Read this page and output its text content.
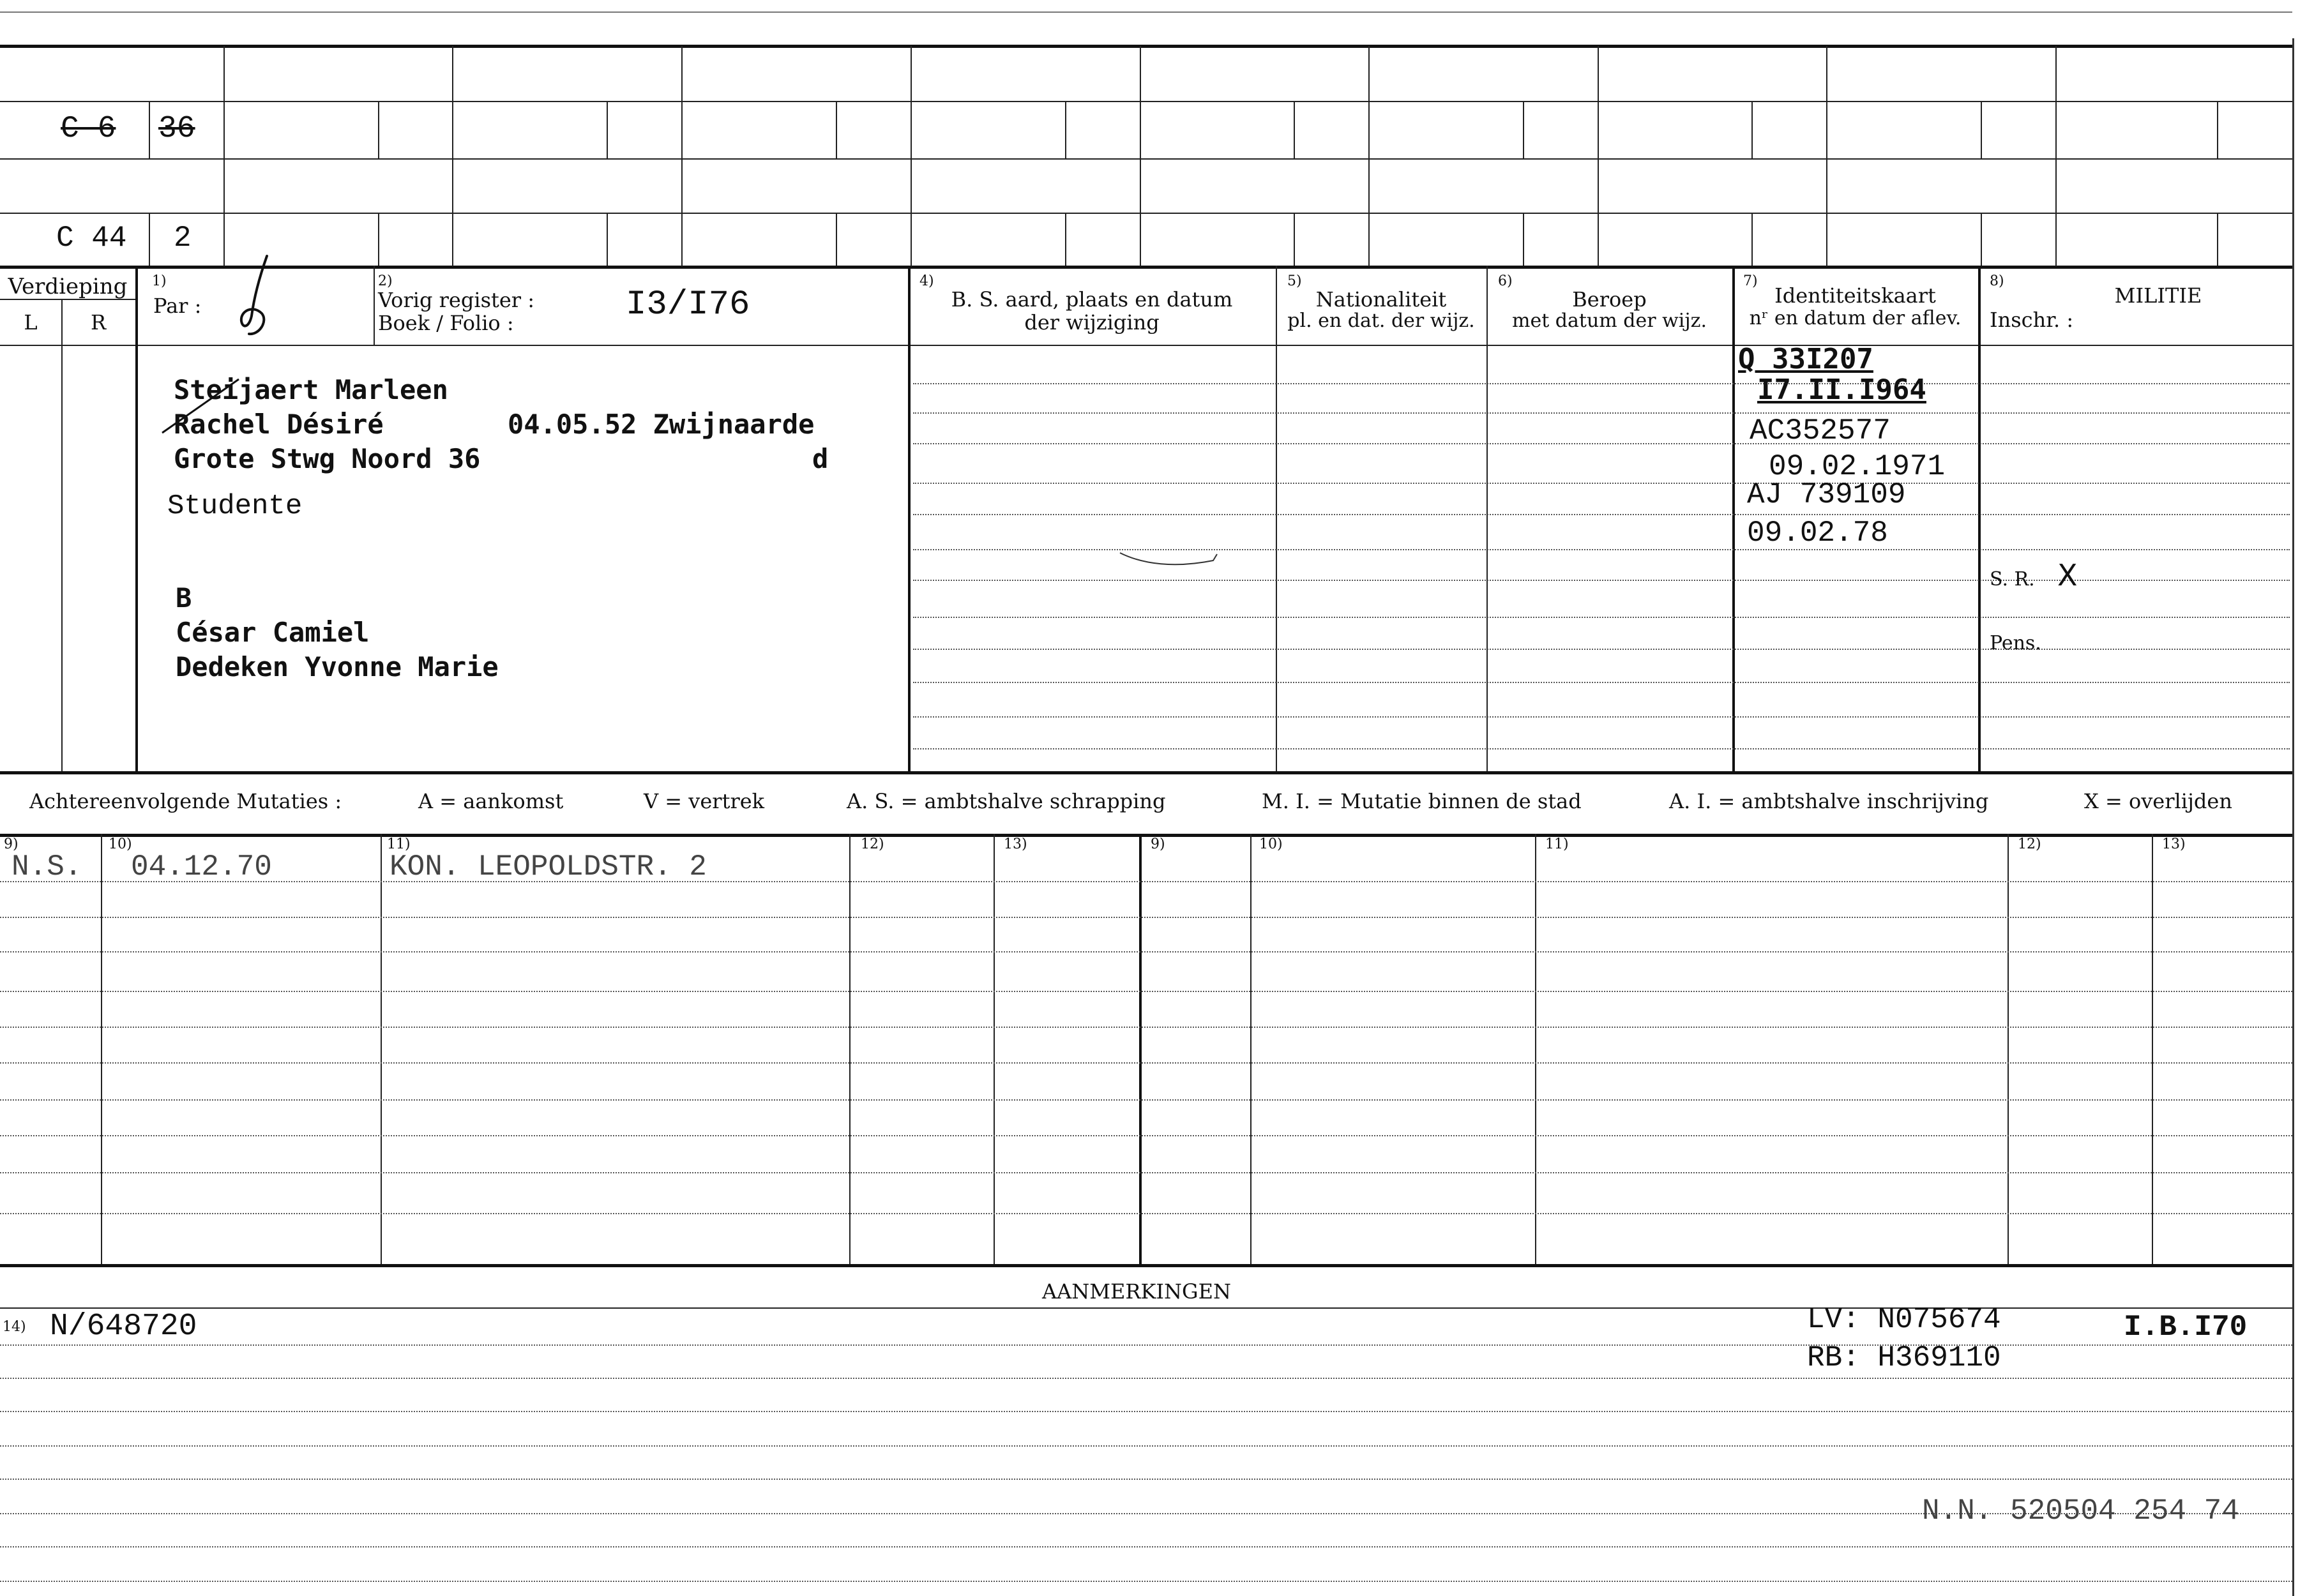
C 6 36
C 44 2
Verdieping
L	R
1)
Par :
2)
Vorig register :
Boek / Folio :	I3/I76
4)
B. S. aard, plaats en datum
der wijziging
5)
Nationaliteit
pl. en dat. der wijz.
6)
Beroep
met datum der wijz.
7)
Identiteitskaart
nʳ en datum der aflev.
8)
MILITIE
Inschr. :
Steijaert Marleen
Rachel Désiré	04.05.52 Zwijnaarde
Grote Stwg Noord 36	d
Studente
B
César Camiel
Dedeken Yvonne Marie
Q 33I207
I7.II.I964
AC352577
09.02.1971
AJ 739109
09.02.78
S. R. X
Pens.
Achtereenvolgende Mutaties :	A = aankomst	V = vertrek	A. S. = ambtshalve schrapping	M. I. = Mutatie binnen de stad	A. I. = ambtshalve inschrijving	X = overlijden
9)	10)	11)	12)	13)	9)	10)	11)	12)	13)
N.S. 04.12.70	KON. LEOPOLDSTR. 2
AANMERKINGEN
14) N/648720	LV: N075674
RB: H369110
I.B.I70
N.N. 520504 254 74
